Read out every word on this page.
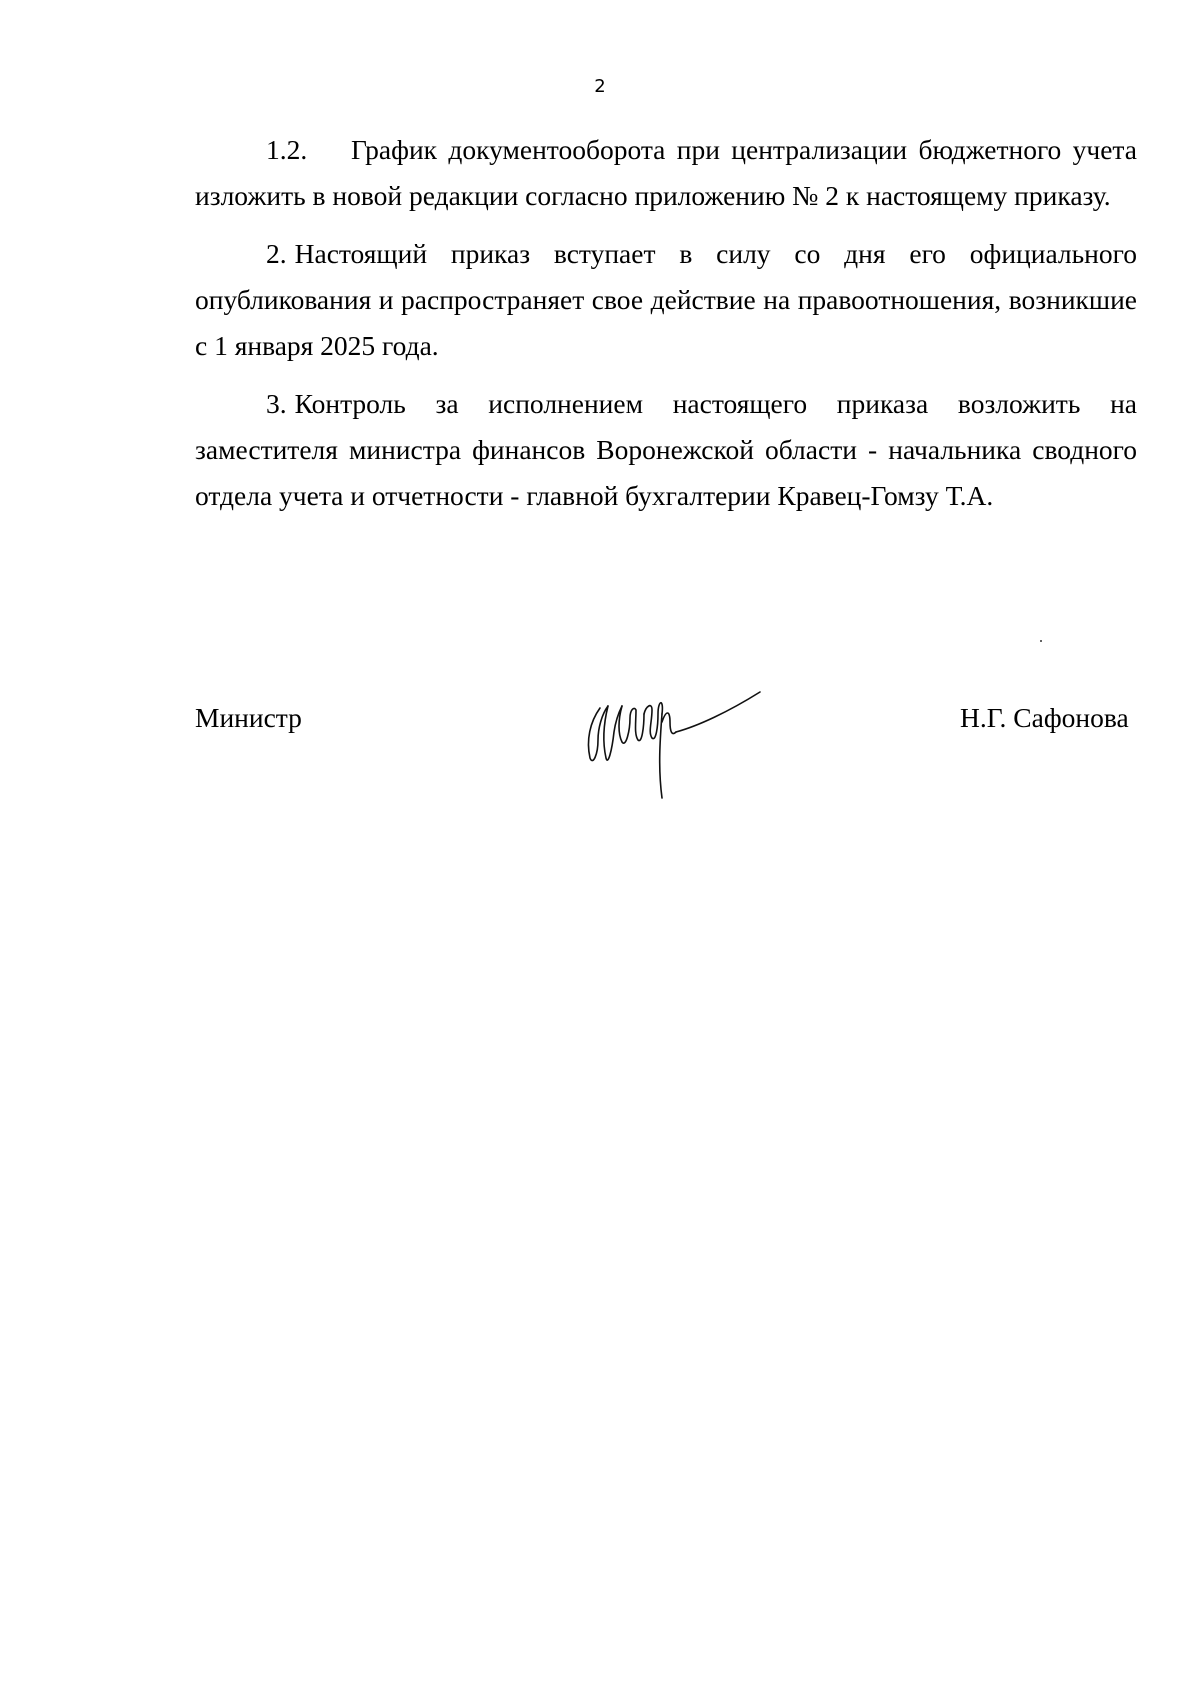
2

1.2. График документооборота при централизации бюджетного учета изложить в новой редакции согласно приложению № 2 к настоящему приказу.

2. Настоящий приказ вступает в силу со дня его официального опубликования и распространяет свое действие на правоотношения, возникшие с 1 января 2025 года.

3. Контроль за исполнением настоящего приказа возложить на заместителя министра финансов Воронежской области - начальника сводного отдела учета и отчетности - главной бухгалтерии Кравец-Гомзу Т.А.

Министр	Н.Г. Сафонова
